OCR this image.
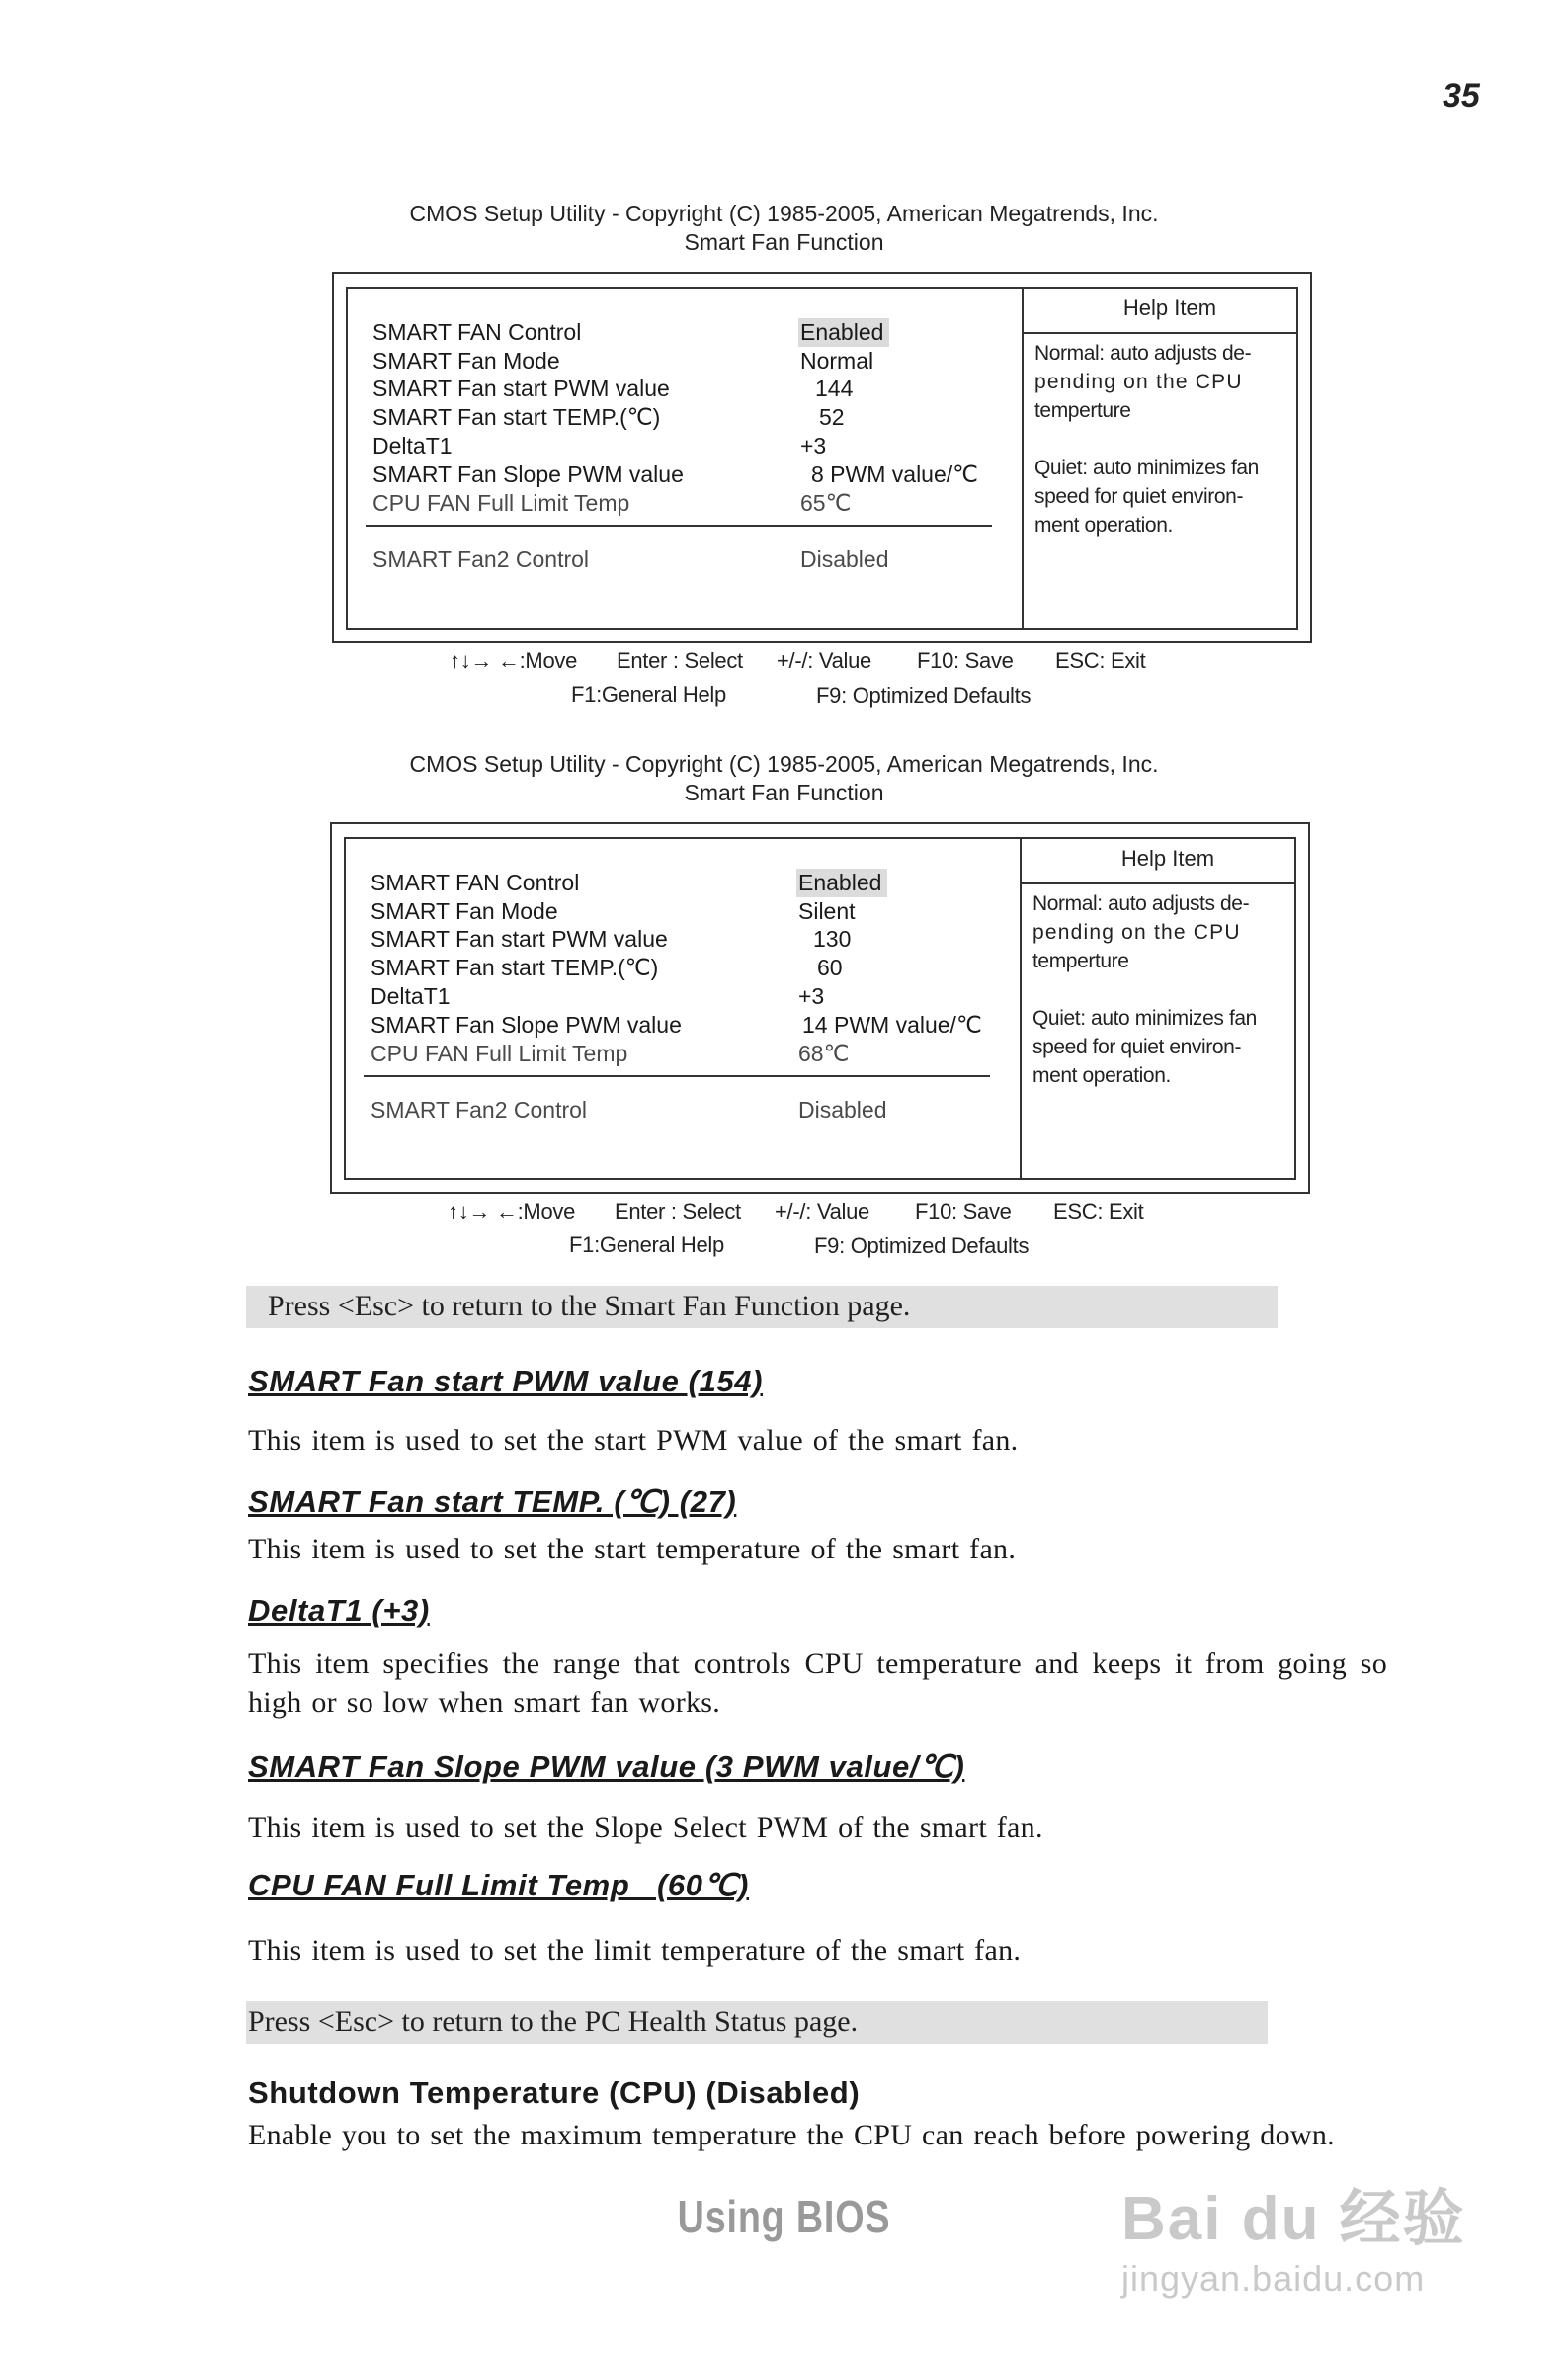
35
CMOS Setup Utility - Copyright (C) 1985-2005, American Megatrends, Inc.
Smart Fan Function
Help Item
SMART FAN Control	Enabled
SMART Fan Mode	Normal
SMART Fan start PWM value	144
SMART Fan start TEMP.(℃)	52
DeltaT1	+3
SMART Fan Slope PWM value	8 PWM value/℃
CPU FAN Full Limit Temp	65℃
SMART Fan2 Control	Disabled
Normal: auto adjusts de-
pending on the CPU
temperture
Quiet: auto minimizes fan
speed for quiet environ-
ment operation.
↑↓→ ←:Move Enter : Select +/-/: Value F10: Save ESC: Exit
F1:General Help	F9: Optimized Defaults
CMOS Setup Utility - Copyright (C) 1985-2005, American Megatrends, Inc.
Smart Fan Function
Help Item
SMART FAN Control	Enabled
SMART Fan Mode	Silent
SMART Fan start PWM value	130
SMART Fan start TEMP.(℃)	60
DeltaT1	+3
SMART Fan Slope PWM value	14 PWM value/℃
CPU FAN Full Limit Temp	68℃
SMART Fan2 Control	Disabled
Normal: auto adjusts de-
pending on the CPU
temperture
Quiet: auto minimizes fan
speed for quiet environ-
ment operation.
↑↓→ ←:Move Enter : Select +/-/: Value F10: Save ESC: Exit
F1:General Help	F9: Optimized Defaults
Press <Esc> to return to the Smart Fan Function page.
SMART Fan start PWM value (154)
This item is used to set the start PWM value of the smart fan.
SMART Fan start TEMP. (℃) (27)
This item is used to set the start temperature of the smart fan.
DeltaT1 (+3)
This item specifies the range that controls CPU temperature and keeps it from going so high or so low when smart fan works.
SMART Fan Slope PWM value (3 PWM value/℃)
This item is used to set the Slope Select PWM of the smart fan.
CPU FAN Full Limit Temp   (60℃)
This item is used to set the limit temperature of the smart fan.
Press <Esc> to return to the PC Health Status page.
Shutdown Temperature (CPU) (Disabled)
Enable you to set the maximum temperature the CPU can reach before powering down.
Using BIOS	Bai du 经验
jingyan.baidu.com
